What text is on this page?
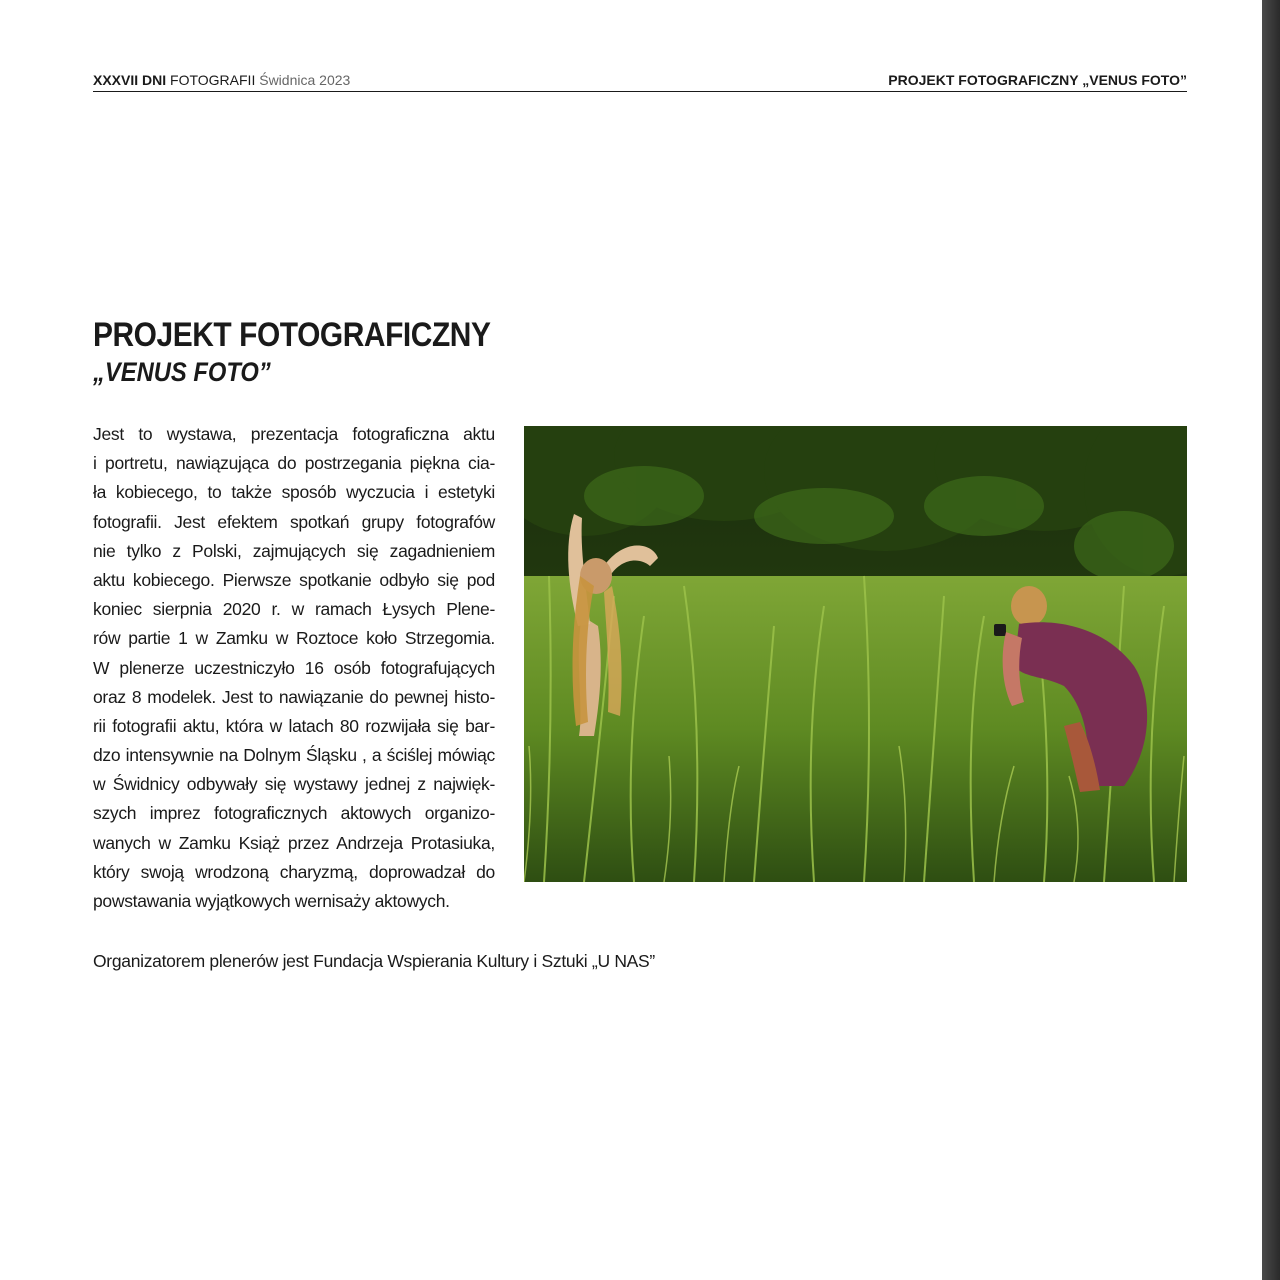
XXXVII DNI FOTOGRAFII Świdnica 2023	PROJEKT FOTOGRAFICZNY „VENUS FOTO”
PROJEKT FOTOGRAFICZNY
„VENUS FOTO”
Jest to wystawa, prezentacja fotograficzna aktu
i portretu, nawiązująca do postrzegania piękna cia-
ła kobiecego, to także sposób wyczucia i estetyki
fotografii. Jest efektem spotkań grupy fotografów
nie tylko z Polski, zajmujących się zagadnieniem
aktu kobiecego. Pierwsze spotkanie odbyło się pod
koniec sierpnia 2020 r. w ramach Łysych Plene-
rów partie 1 w Zamku w Roztoce koło Strzegomia.
W plenerze uczestniczyło 16 osób fotografujących
oraz 8 modelek. Jest to nawiązanie do pewnej histo-
rii fotografii aktu, która w latach 80 rozwijała się bar-
dzo intensywnie na Dolnym Śląsku , a ściślej mówiąc
w Świdnicy odbywały się wystawy jednej z najwięk-
szych imprez fotograficznych aktowych organizo-
wanych w Zamku Książ przez Andrzeja Protasiuka,
który swoją wrodzoną charyzmą, doprowadzał do
powstawania wyjątkowych wernisaży aktowych.

Organizatorem plenerów jest Fundacja Wspierania Kultury i Sztuki „U NAS”
